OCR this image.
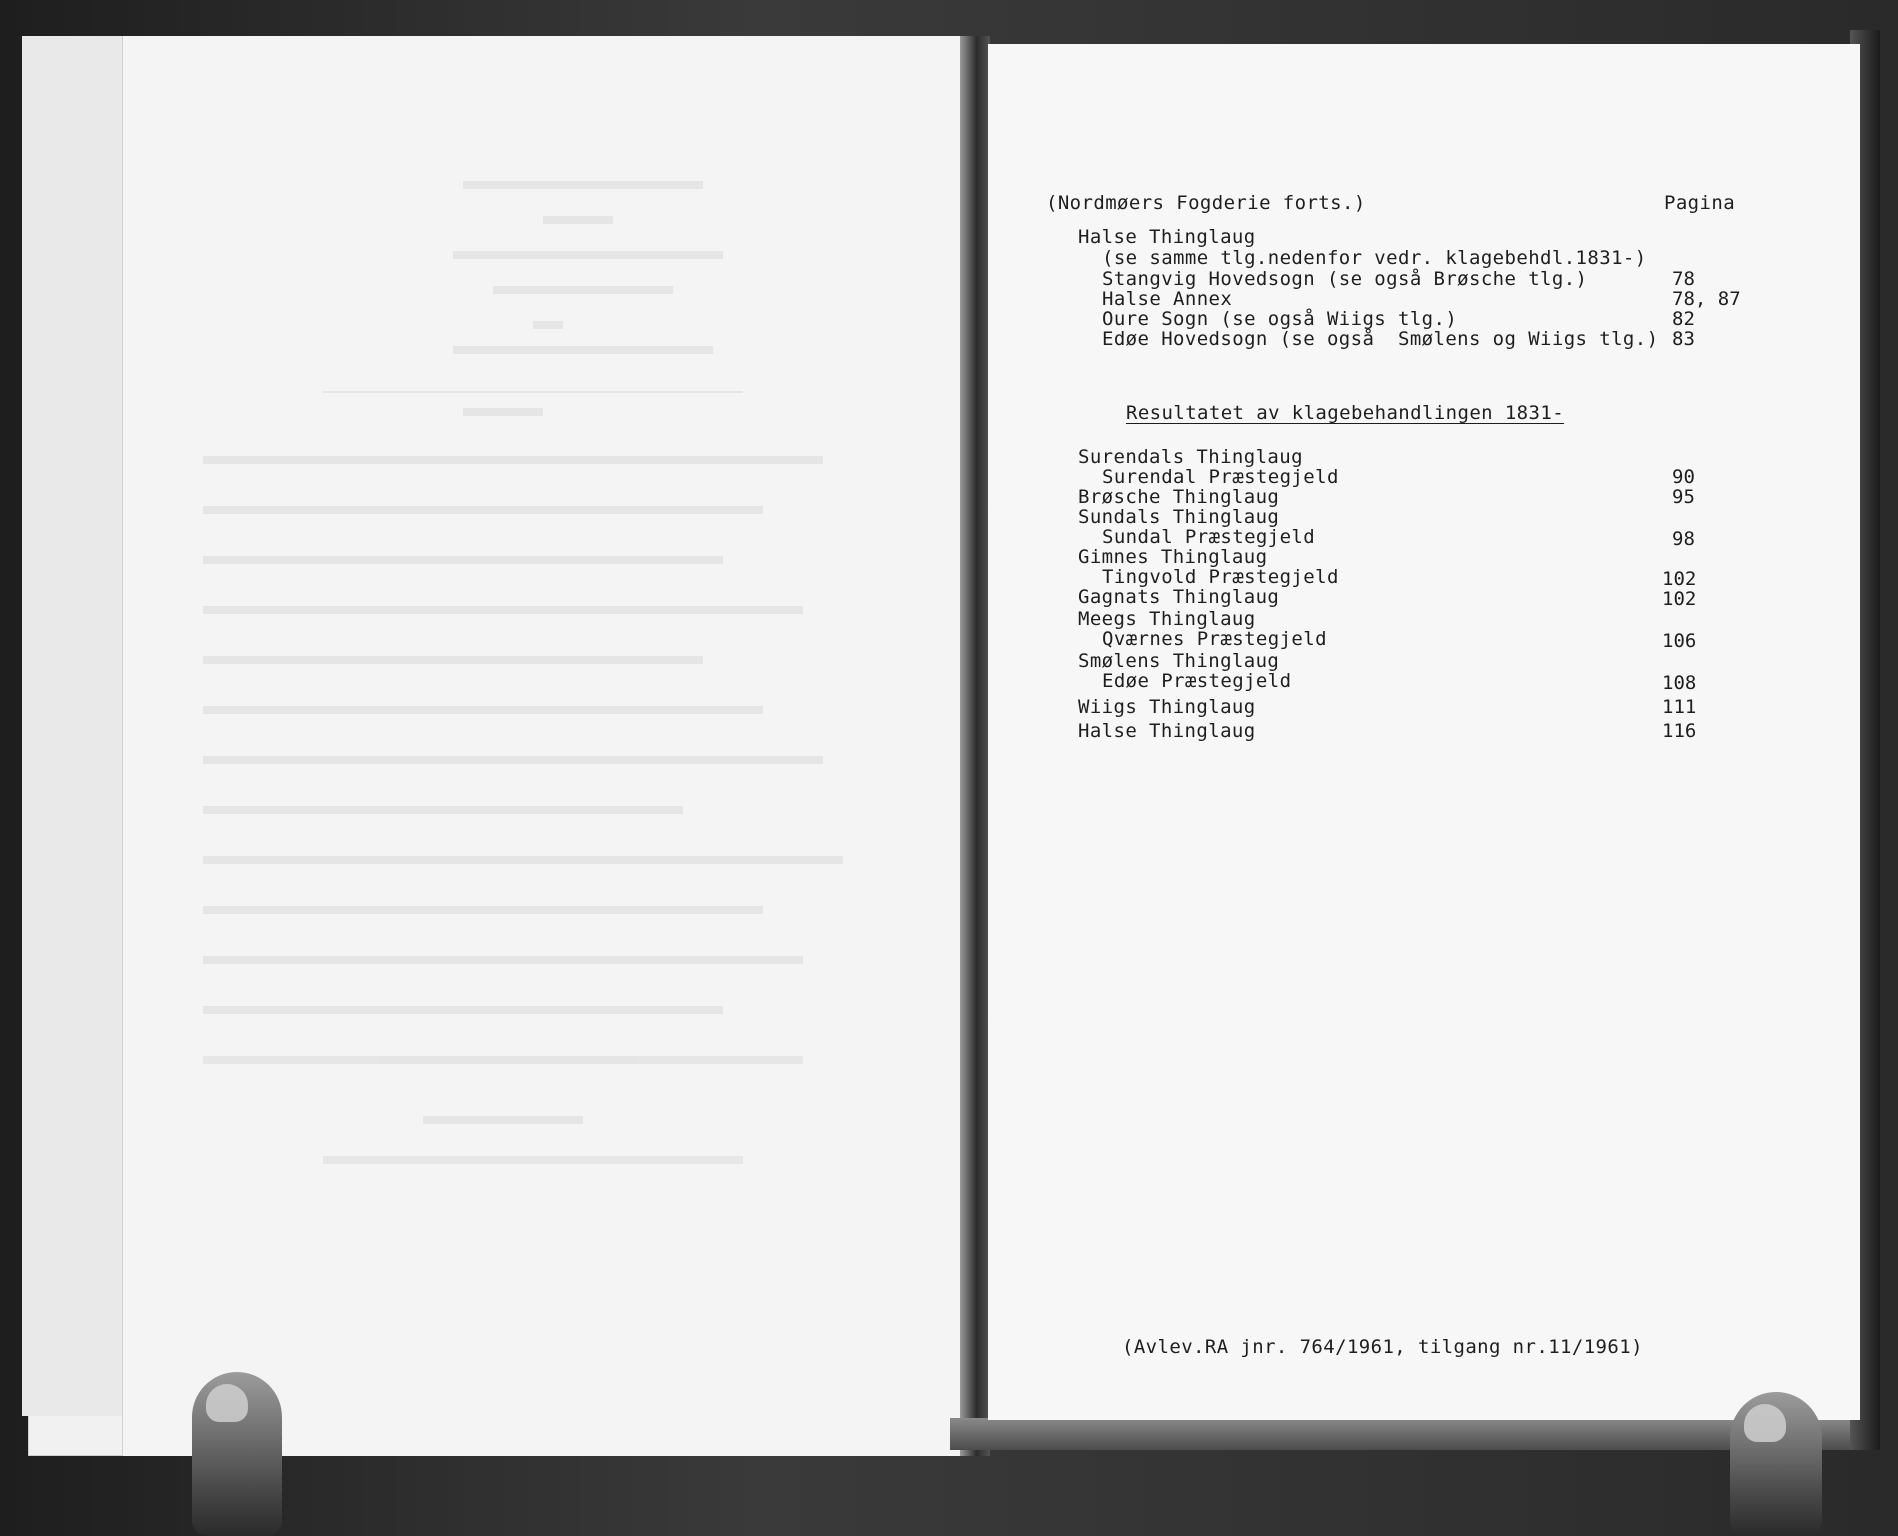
(Nordmøers Fogderie forts.)	Pagina
Halse Thinglaug
(se samme tlg.nedenfor vedr. klagebehdl.1831-)
Stangvig Hovedsogn (se også Brøsche tlg.)	78
Halse Annex	78, 87
Oure Sogn (se også Wiigs tlg.)	82
Edøe Hovedsogn (se også  Smølens og Wiigs tlg.) 83
Resultatet av klagebehandlingen 1831-
Surendals Thinglaug
Surendal Præstegjeld	90
Brøsche Thinglaug	95
Sundals Thinglaug
Sundal Præstegjeld	98
Gimnes Thinglaug
Tingvold Præstegjeld	102
Gagnats Thinglaug	102
Meegs Thinglaug
Qværnes Præstegjeld	106
Smølens Thinglaug
Edøe Præstegjeld	108
Wiigs Thinglaug	111
Halse Thinglaug	116
(Avlev.RA jnr. 764/1961, tilgang nr.11/1961)
